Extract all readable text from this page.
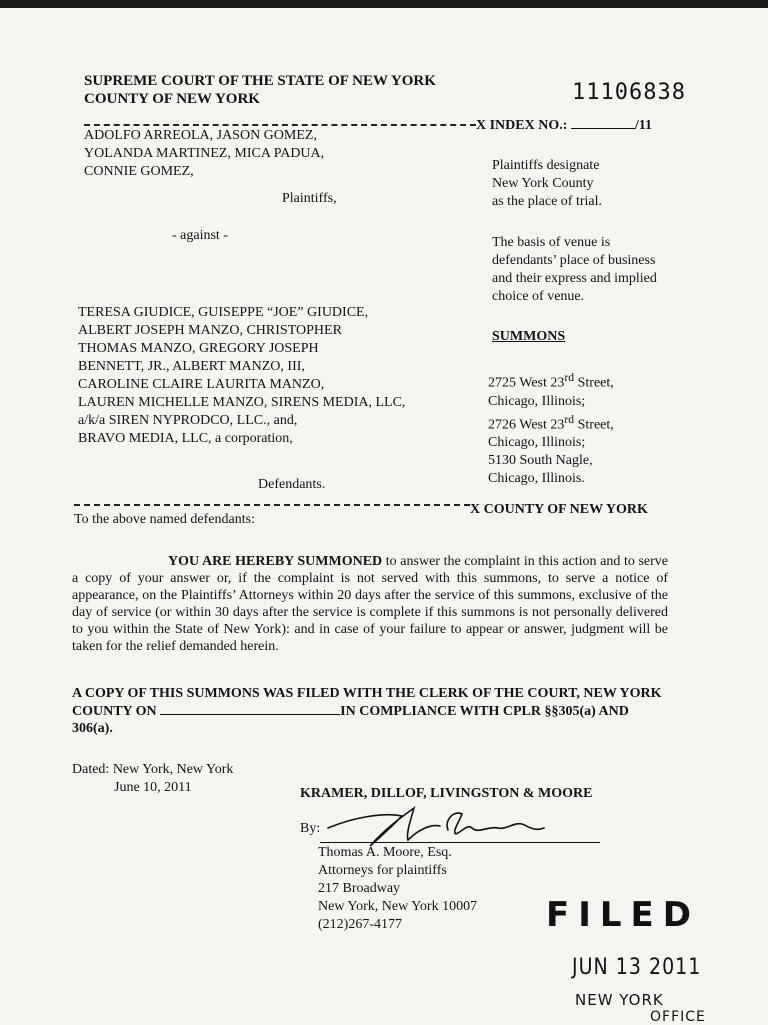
SUPREME COURT OF THE STATE OF NEW YORK
COUNTY OF NEW YORK	11106838
X INDEX NO.:	/11
ADOLFO ARREOLA, JASON GOMEZ,
YOLANDA MARTINEZ, MICA PADUA,
CONNIE GOMEZ,
Plaintiffs,
- against -
TERESA GIUDICE, GUISEPPE “JOE” GIUDICE,
ALBERT JOSEPH MANZO, CHRISTOPHER
THOMAS MANZO, GREGORY JOSEPH
BENNETT, JR., ALBERT MANZO, III,
CAROLINE CLAIRE LAURITA MANZO,
LAUREN MICHELLE MANZO, SIRENS MEDIA, LLC,
a/k/a SIREN NYPRODCO, LLC., and,
BRAVO MEDIA, LLC, a corporation,
Defendants.
Plaintiffs designate
New York County
as the place of trial.
The basis of venue is
defendants’ place of business
and their express and implied
choice of venue.
SUMMONS
2725 West 23rd Street,
Chicago, Illinois;
2726 West 23rd Street,
Chicago, Illinois;
5130 South Nagle,
Chicago, Illinois.
X COUNTY OF NEW YORK
To the above named defendants:
YOU ARE HEREBY SUMMONED to answer the complaint in this action and to serve a copy of your answer or, if the complaint is not served with this summons, to serve a notice of appearance, on the Plaintiffs’ Attorneys within 20 days after the service of this summons, exclusive of the day of service (or within 30 days after the service is complete if this summons is not personally delivered to you within the State of New York): and in case of your failure to appear or answer, judgment will be taken for the relief demanded herein.
A COPY OF THIS SUMMONS WAS FILED WITH THE CLERK OF THE COURT, NEW YORK COUNTY ON	IN COMPLIANCE WITH CPLR §§305(a) AND 306(a).
Dated: New York, New York
June 10, 2011	KRAMER, DILLOF, LIVINGSTON & MOORE
By:
Thomas A. Moore, Esq.
Attorneys for plaintiffs
217 Broadway
New York, New York 10007
(212)267-4177	FILED
JUN 13 2011
NEW YORK
OFFICE
